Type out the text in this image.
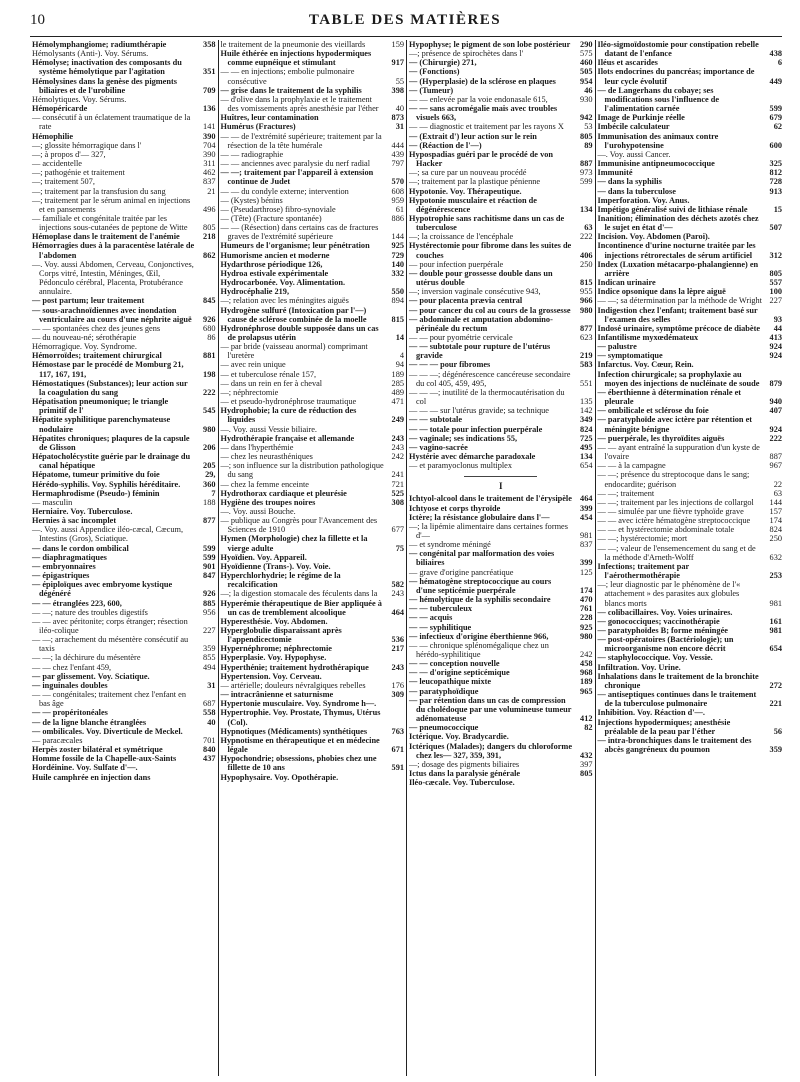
10	TABLE DES MATIÈRES
Hémolymphangiome; radiumthérapie	358
Hémolysants (Anti-). Voy. Sérums.
Hémolyse; inactivation des composants du système hémolytique par l'agitation	351
Hémolysines dans la genèse des pigments biliaires et de l'urobiline	709
Hémolytiques. Voy. Sérums.
Hémopéricarde	136
— consécutif à un éclatement traumatique de la rate	141
Hémophilie	390
—; glossite hémorragique dans l'	704
—; à propos d'— 327,	390
— accidentelle	311
—; pathogénie et traitement	462
—; traitement 507,	837
—; traitement par la transfusion du sang	21
—; traitement par le sérum animal en injections et en pansements	496
— familiale et congénitale traitée par les injections sous-cutanées de peptone de Witte 805
Hémoplase dans le traitement de l'anémie	218
Hémorragies dues à la paracentèse latérale de l'abdomen	862
—. Voy. aussi Abdomen, Cerveau, Conjonctives, Corps vitré, Intestin, Méninges, Œil, Pédonculo cérébral, Placenta, Protubérance annulaire.
— post partum; leur traitement	845
— sous-arachnoïdiennes avec inondation ventriculaire au cours d'une néphrite aiguë 926
— — spontanées chez des jeunes gens	680
— du nouveau-né; sérothérapie	86
Hémorragique. Voy. Syndrome.
Hémorroïdes; traitement chirurgical	881
Hémostase par le procédé de Momburg 21, 117, 167, 191,	198
Hémostatiques (Substances); leur action sur la coagulation du sang	222
Hépatisation pneumonique; le triangle primitif de l'	545
Hépatite syphilitique parenchymateuse nodulaire	980
Hépatites chroniques; plaqures de la capsule de Glisson	206
Hépatocholécystite guérie par le drainage du canal hépatique	205
Hépatome, tumeur primitive du foie	29,
Hérédo-syphilis. Voy. Syphilis héréditaire.	360
Hermaphrodisme (Pseudo-) féminin	7
— masculin	188
Herniaire. Voy. Tuberculose.
Hernies à sac incomplet	877
—. Voy. aussi Appendice iléo-cæcal, Cæcum, Intestins (Gros), Sciatique.
— dans le cordon ombilical	599
— diaphragmatiques	599
— embryonnaires	901
— épigastriques	847
— épiploïques avec embryome kystique dégénéré	926
— — étranglées 223, 600,	885
— —; nature des troubles digestifs	956
— — avec péritonite; corps étranger; résection iléo-colique	227
— —; arrachement du mésentère consécutif au taxis	359
— —; la déchirure du mésentère	855
— — chez l'enfant 459,	494
— par glissement. Voy. Sciatique.
— inguinales doubles	31
— — congénitales; traitement chez l'enfant en bas âge	687
— — propéritonéales	558
— de la ligne blanche étranglées	40
— ombilicales. Voy. Diverticule de Meckel.
— paracæcales	701
Herpès zoster bilatéral et symétrique	840
Homme fossile de la Chapelle-aux-Saints	437
Hordéinine. Voy. Sulfate d'—.
Huile camphrée en injection dans
le traitement de la pneumonie des vieillards	159
Huile éthérée en injections hypodermiques comme eupnéique et stimulant	917
— — en injections; embolie pulmonaire consécutive	55
— grise dans le traitement de la syphilis	398
— d'olive dans la prophylaxie et le traitement des vomissements après anesthésie par l'éther 40
Huîtres, leur contamination	873
Humérus (Fractures)	31
— — de l'extrémité supérieure; traitement par la résection de la tête humérale	444
— — radiographie	439
— — anciennes avec paralysie du nerf radial	797
— —; traitement par l'appareil à extension continue de Judet	570
— — du condyle externe; intervention	608
— (Kystes) bénins	959
— (Pseudarthrose) fibro-synoviale	61
— (Tête) (Fracture spontanée)	886
— — (Résection) dans certains cas de fractures graves de l'extrémité supérieure	144
Humeurs de l'organisme; leur pénétration	925
Humorisme ancien et moderne	729
Hydarthrose périodique 126,	140
Hydroa estivale expérimentale	332
Hydrocarbonée. Voy. Alimentation.
Hydrocéphalie 219,	550
—; relation avec les méningites aiguës	894
Hydrogène sulfuré (Intoxication par l'—) cause de sclérose combinée de la moelle	815
Hydronéphrose double supposée dans un cas de prolapsus utérin	14
— par bride (vaisseau anormal) comprimant l'uretère	4
— avec rein unique	94
— et tuberculose rénale 157,	189
— dans un rein en fer à cheval	285
—; néphrectomie	489
— et pseudo-hydronéphrose traumatique	471
Hydrophobie; la cure de réduction des liquides	249
—. Voy. aussi Vessie biliaire.
Hydrothérapie française et allemande	243
— dans l'hyperthémie	243
— chez les neurasthéniques	242
—; son influence sur la distribution pathologique du sang	241
— chez la femme enceinte	721
Hydrothorax cardiaque et pleurésie	525
Hygiène des troupes noires	308
—. Voy. aussi Bouche.
— publique au Congrès pour l'Avancement des Sciences de 1910	677
Hymen (Morphologie) chez la fillette et la vierge adulte	75
Hyoïdien. Voy. Appareil.
Hyoïdienne (Trans-). Voy. Voie.
Hyperchlorhydrie; le régime de la recalcification	582
—; la digestion stomacale des féculents dans la 243
Hyperémie thérapeutique de Bier appliquée à un cas de tremblement alcoolique	464
Hyperesthésie. Voy. Abdomen.
Hyperglobulie disparaissant après l'appendicectomie	536
Hypernéphrome; néphrectomie	217
Hyperplasie. Voy. Hypophyse.
Hyperthénie; traitement hydrothérapique	243
Hypertension. Voy. Cerveau.
— artérielle; douleurs névralgiques rebelles	176
— intracrânienne et saturnisme	309
Hypertonie musculaire. Voy. Syndrome h—.
Hypertrophie. Voy. Prostate, Thymus, Utérus (Col).
Hypnotiques (Médicaments) synthétiques	763
Hypnotisme en thérapeutique et en médecine légale	671
Hypochondrie; obsessions, phobies chez une fillette de 10 ans	591
Hypophysaire. Voy. Opothérapie.
Hypophyse; le pigment de son lobe postérieur 290
—; présence de spirochètes dans l'	575
— (Chirurgie) 271,	460
— (Fonctions)	505
— (Hyperplasie) de la sclérose en plaques	954
— (Tumeur)	46
— — enlevée par la voie endonasale 615,	930
— — sans acromégalie mais avec troubles visuels 663,	942
— — diagnostic et traitement par les rayons X 53
— (Extrait d') leur action sur le rein	805
— (Réaction de l'—)	89
Hypospadias guéri par le procédé de von Hacker	887
—; sa cure par un nouveau procédé	973
—; traitement par la plastique pénienne	599
Hypotonie. Voy. Thérapeutique.
Hypotonie musculaire et réaction de dégénérescence	134
Hypotrophie sans rachitisme dans un cas de tuberculose	63
—; la croissance de l'encéphale	222
Hystérectomie pour fibrome dans les suites de couches	406
— pour infection puerpérale	250
— double pour grossesse double dans un utérus double	815
—; inversion vaginale consécutive 943,	955
— pour placenta prævia central	966
— pour cancer du col au cours de la grossesse 980
— abdominale et amputation abdomino-périnéale du rectum	877
— — pour pyométrie cervicale	623
— — subtotale pour rupture de l'utérus gravide	219
— — — pour fibromes	583
— — —; dégénérescence cancéreuse secondaire du col 405, 459, 495,	551
— — —; inutilité de la thermocautérisation du col	135
— — — sur l'utérus gravide; sa technique	142
— — subtotale	349
— — totale pour infection puerpérale	824
— vaginale; ses indications 55,	725
— vagino-sacrée	495
Hystérie avec démarche paradoxale	134
— et paramyoclonus multiplex	654
I
Ichtyol-alcool dans le traitement de l'érysipèle 464
Ichtyose et corps thyroïde	399
Ictère; la résistance globulaire dans l'—	454
—; la lipémie alimentaire dans certaines formes d'—	981
— et syndrome méningé	837
— congénital par malformation des voies biliaires	399
— grave d'origine pancréatique	125
— hématogène streptococcique au cours d'une septicémie puerpérale	174
— hémolytique de la syphilis secondaire	470
— — tuberculeux	761
— — acquis	228
— — syphilitique	925
— infectieux d'origine éberthienne 966,	980
— — chronique splénomégalique chez un hérédo-syphilitique	242
— — conception nouvelle	458
— — d'origine septicémique	968
— leucopathique mixte	189
— paratyphoïdique	965
— par rétention dans un cas de compression du cholédoque par une volumineuse tumeur adénomateuse	412
— pneumococcique	82
Ictérique. Voy. Bradycardie.
Ictériques (Malades); dangers du chloroforme chez les— 327, 359, 391,	432
—; dosage des pigments biliaires	397
Ictus dans la paralysie générale	805
Iléo-cæcale. Voy. Tuberculose.
Iléo-sigmoïdostomie pour constipation rebelle datant de l'enfance	438
Iléus et ascarides	6
Ilots endocrines du pancréas; importance de leur cycle évolutif	449
— de Langerhans du cobaye; ses modifications sous l'influence de l'alimentation carnée	599
Image de Purkinje réelle	679
Imbécile calculateur	62
Immunisation des animaux contre l'urohypotensine	600
—. Voy. aussi Cancer.
Immunisine antipneumococcique	325
Immunité	812
— dans la syphilis	728
— dans la tuberculose	913
Imperforation. Voy. Anus.
Impétigo généralisé suivi de lithiase rénale	15
Inanition; élimination des déchets azotés chez le sujet en état d'—	507
Incision. Voy. Abdomen (Paroi).
Incontinence d'urine nocturne traitée par les injections rétrorectales de sérum artificiel 312
Index (Luxation métacarpo-phalangienne) en arrière	805
Indican urinaire	557
Indice opsonique dans la lèpre aiguë	100
— —; sa détermination par la méthode de Wright 227
Indigestion chez l'enfant; traitement basé sur l'examen des selles	93
Indosé urinaire, symptôme précoce de diabète 44
Infantilisme myxœdémateux	413
— palustre	924
— symptomatique	924
Infarctus. Voy. Cœur, Rein.
Infection chirurgicale; sa prophylaxie au moyen des injections de nucléinate de soude 879
— éberthienne à détermination rénale et pleurale	940
— ombilicale et sclérose du foie	407
— paratyphoïde avec ictère par rétention et méningite bénigne	924
— puerpérale, les thyroïdites aiguës	222
— — ayant entraîné la suppuration d'un kyste de l'ovaire	887
— — à la campagne	967
— —; présence du streptocoque dans le sang; endocardite; guérison	22
— —; traitement	63
— —; traitement par les injections de collargol 144
— — simulée par une fièvre typhoïde grave	157
— — avec ictère hématogène streptococcique 174
— — et hystérectomie abdominale totale	824
— —; hystérectomie; mort	250
— —; valeur de l'ensemencement du sang et de la méthode d'Arneth-Wolff	632
Infections; traitement par l'aérothermothérapie	253
—; leur diagnostic par le phénomène de l'« attachement » des parasites aux globules blancs morts	981
— colibacillaires. Voy. Voies urinaires.
— gonococciques; vaccinothérapie	161
— paratyphoïdes B; forme méningée	981
— post-opératoires (Bactériologie); un microorganisme non encore décrit	654
— staphylococcique. Voy. Vessie.
Infiltration. Voy. Urine.
Inhalations dans le traitement de la bronchite chronique	272
— antiseptiques continues dans le traitement de la tuberculose pulmonaire	221
Inhibition. Voy. Réaction d'—.
Injections hypodermiques; anesthésie préalable de la peau par l'éther	56
— intra-bronchiques dans le traitement des abcès gangréneux du poumon	359
